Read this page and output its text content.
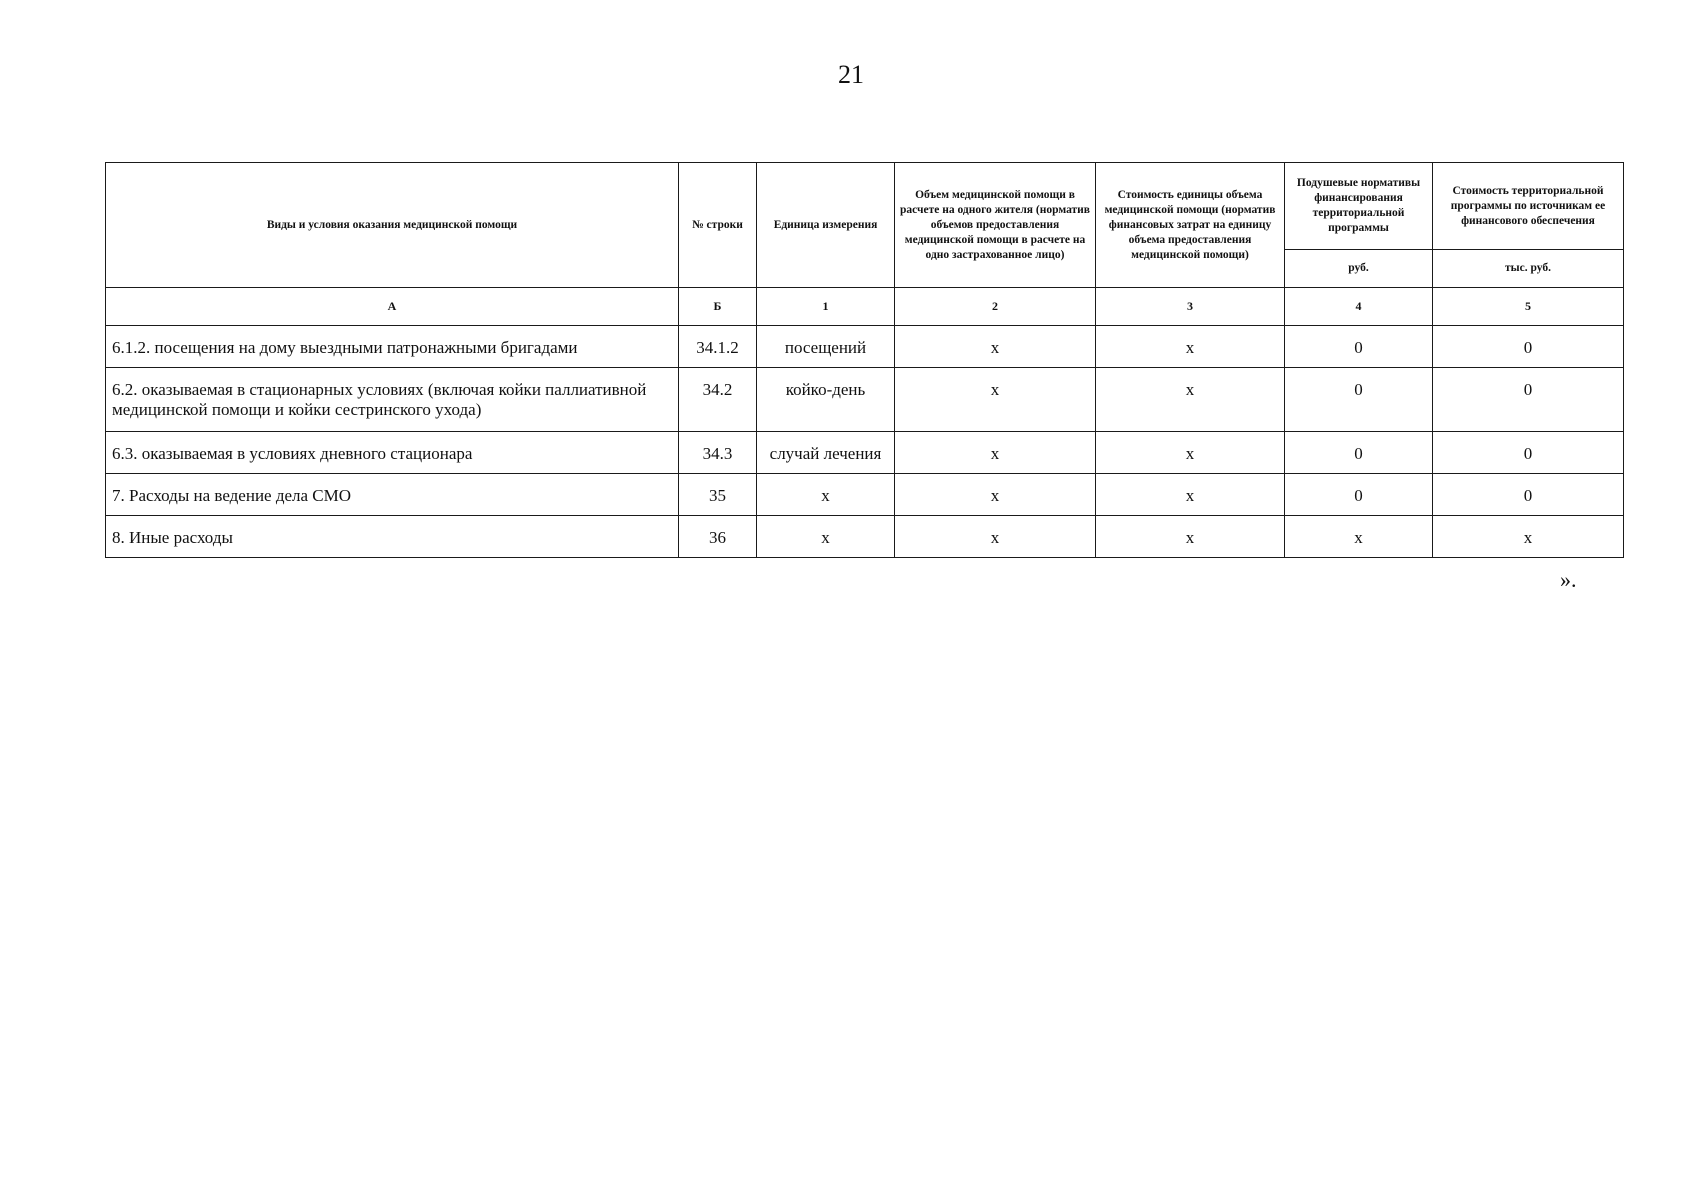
21
Виды и условия оказания медицинской помощи	№ строки	Единица измерения	Объем медицинской помощи в расчете на одного жителя (норматив объемов предоставления медицинской помощи в расчете на одно застрахованное лицо)	Стоимость единицы объема медицинской помощи (норматив финансовых затрат на единицу объема предоставления медицинской помощи)	Подушевые нормативы финансирования территориальной программы	Стоимость территориальной программы по источникам ее финансового обеспечения
					руб.	тыс. руб.
А	Б	1	2	3	4	5
6.1.2. посещения на дому выездными патронажными бригадами	34.1.2	посещений	х	х	0	0
6.2. оказываемая в стационарных условиях (включая койки паллиативной медицинской помощи и койки сестринского ухода)	34.2	койко-день	х	х	0	0
6.3. оказываемая в условиях дневного стационара	34.3	случай лечения	х	х	0	0
7. Расходы на ведение дела СМО	35	х	х	х	0	0
8. Иные расходы	36	х	х	х	х	х
».
